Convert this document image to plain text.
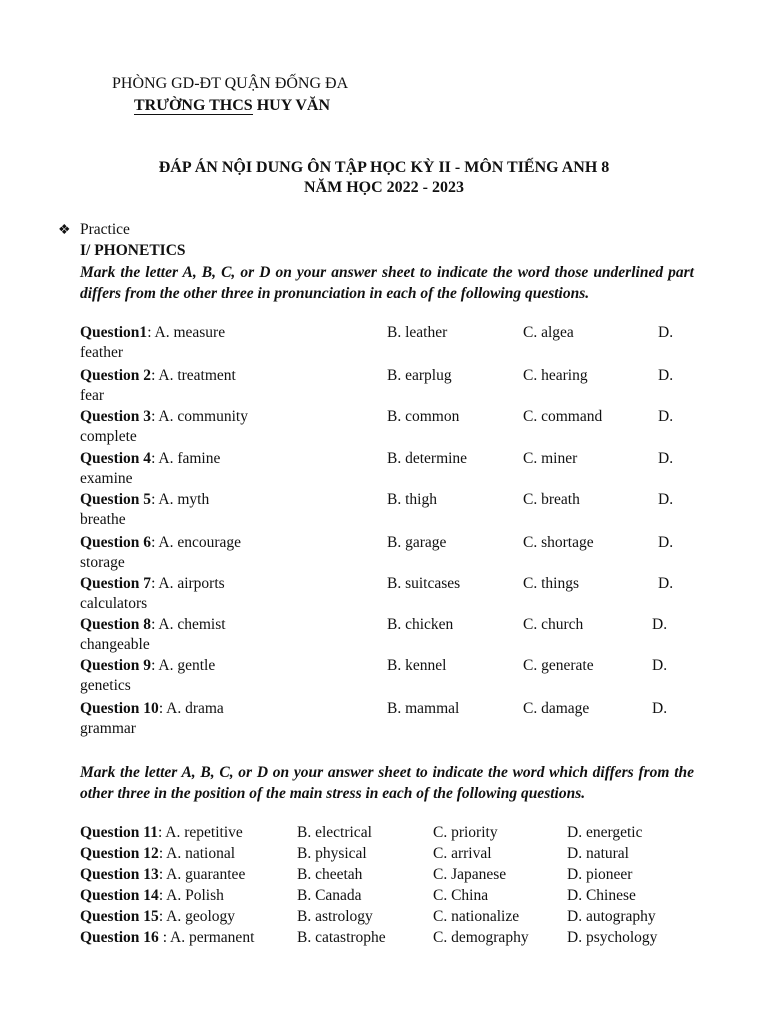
PHÒNG GD-ĐT QUẬN ĐỐNG ĐA
TRƯỜNG THCS HUY VĂN
ĐÁP ÁN NỘI DUNG ÔN TẬP HỌC KỲ II - MÔN TIẾNG ANH 8
NĂM HỌC 2022 - 2023
❖ Practice
I/ PHONETICS
Mark the letter A, B, C, or D on your answer sheet to indicate the word those underlined part differs from the other three in pronunciation in each of the following questions.
Question1: A. measure	B. leather	C. algea	D.
feather
Question 2: A. treatment	B. earplug	C. hearing	D.
fear
Question 3: A. community	B. common	C. command	D.
complete
Question 4: A. famine	B. determine	C. miner	D.
examine
Question 5: A. myth	B. thigh	C. breath	D.
breathe
Question 6: A. encourage	B. garage	C. shortage	D.
storage
Question 7: A. airports	B. suitcases	C. things	D.
calculators
Question 8: A. chemist	B. chicken	C. church	D.
changeable
Question 9: A. gentle	B. kennel	C. generate	D.
genetics
Question 10: A. drama	B. mammal	C. damage	D.
grammar
Mark the letter A, B, C, or D on your answer sheet to indicate the word which differs from the other three in the position of the main stress in each of the following questions.
Question 11: A. repetitive	B. electrical	C. priority	D. energetic
Question 12: A. national	B. physical	C. arrival	D. natural
Question 13: A. guarantee	B. cheetah	C. Japanese	D. pioneer
Question 14: A. Polish	B. Canada	C. China	D. Chinese
Question 15: A. geology	B. astrology	C. nationalize	D. autography
Question 16 : A. permanent	B. catastrophe	C. demography D. psychology
